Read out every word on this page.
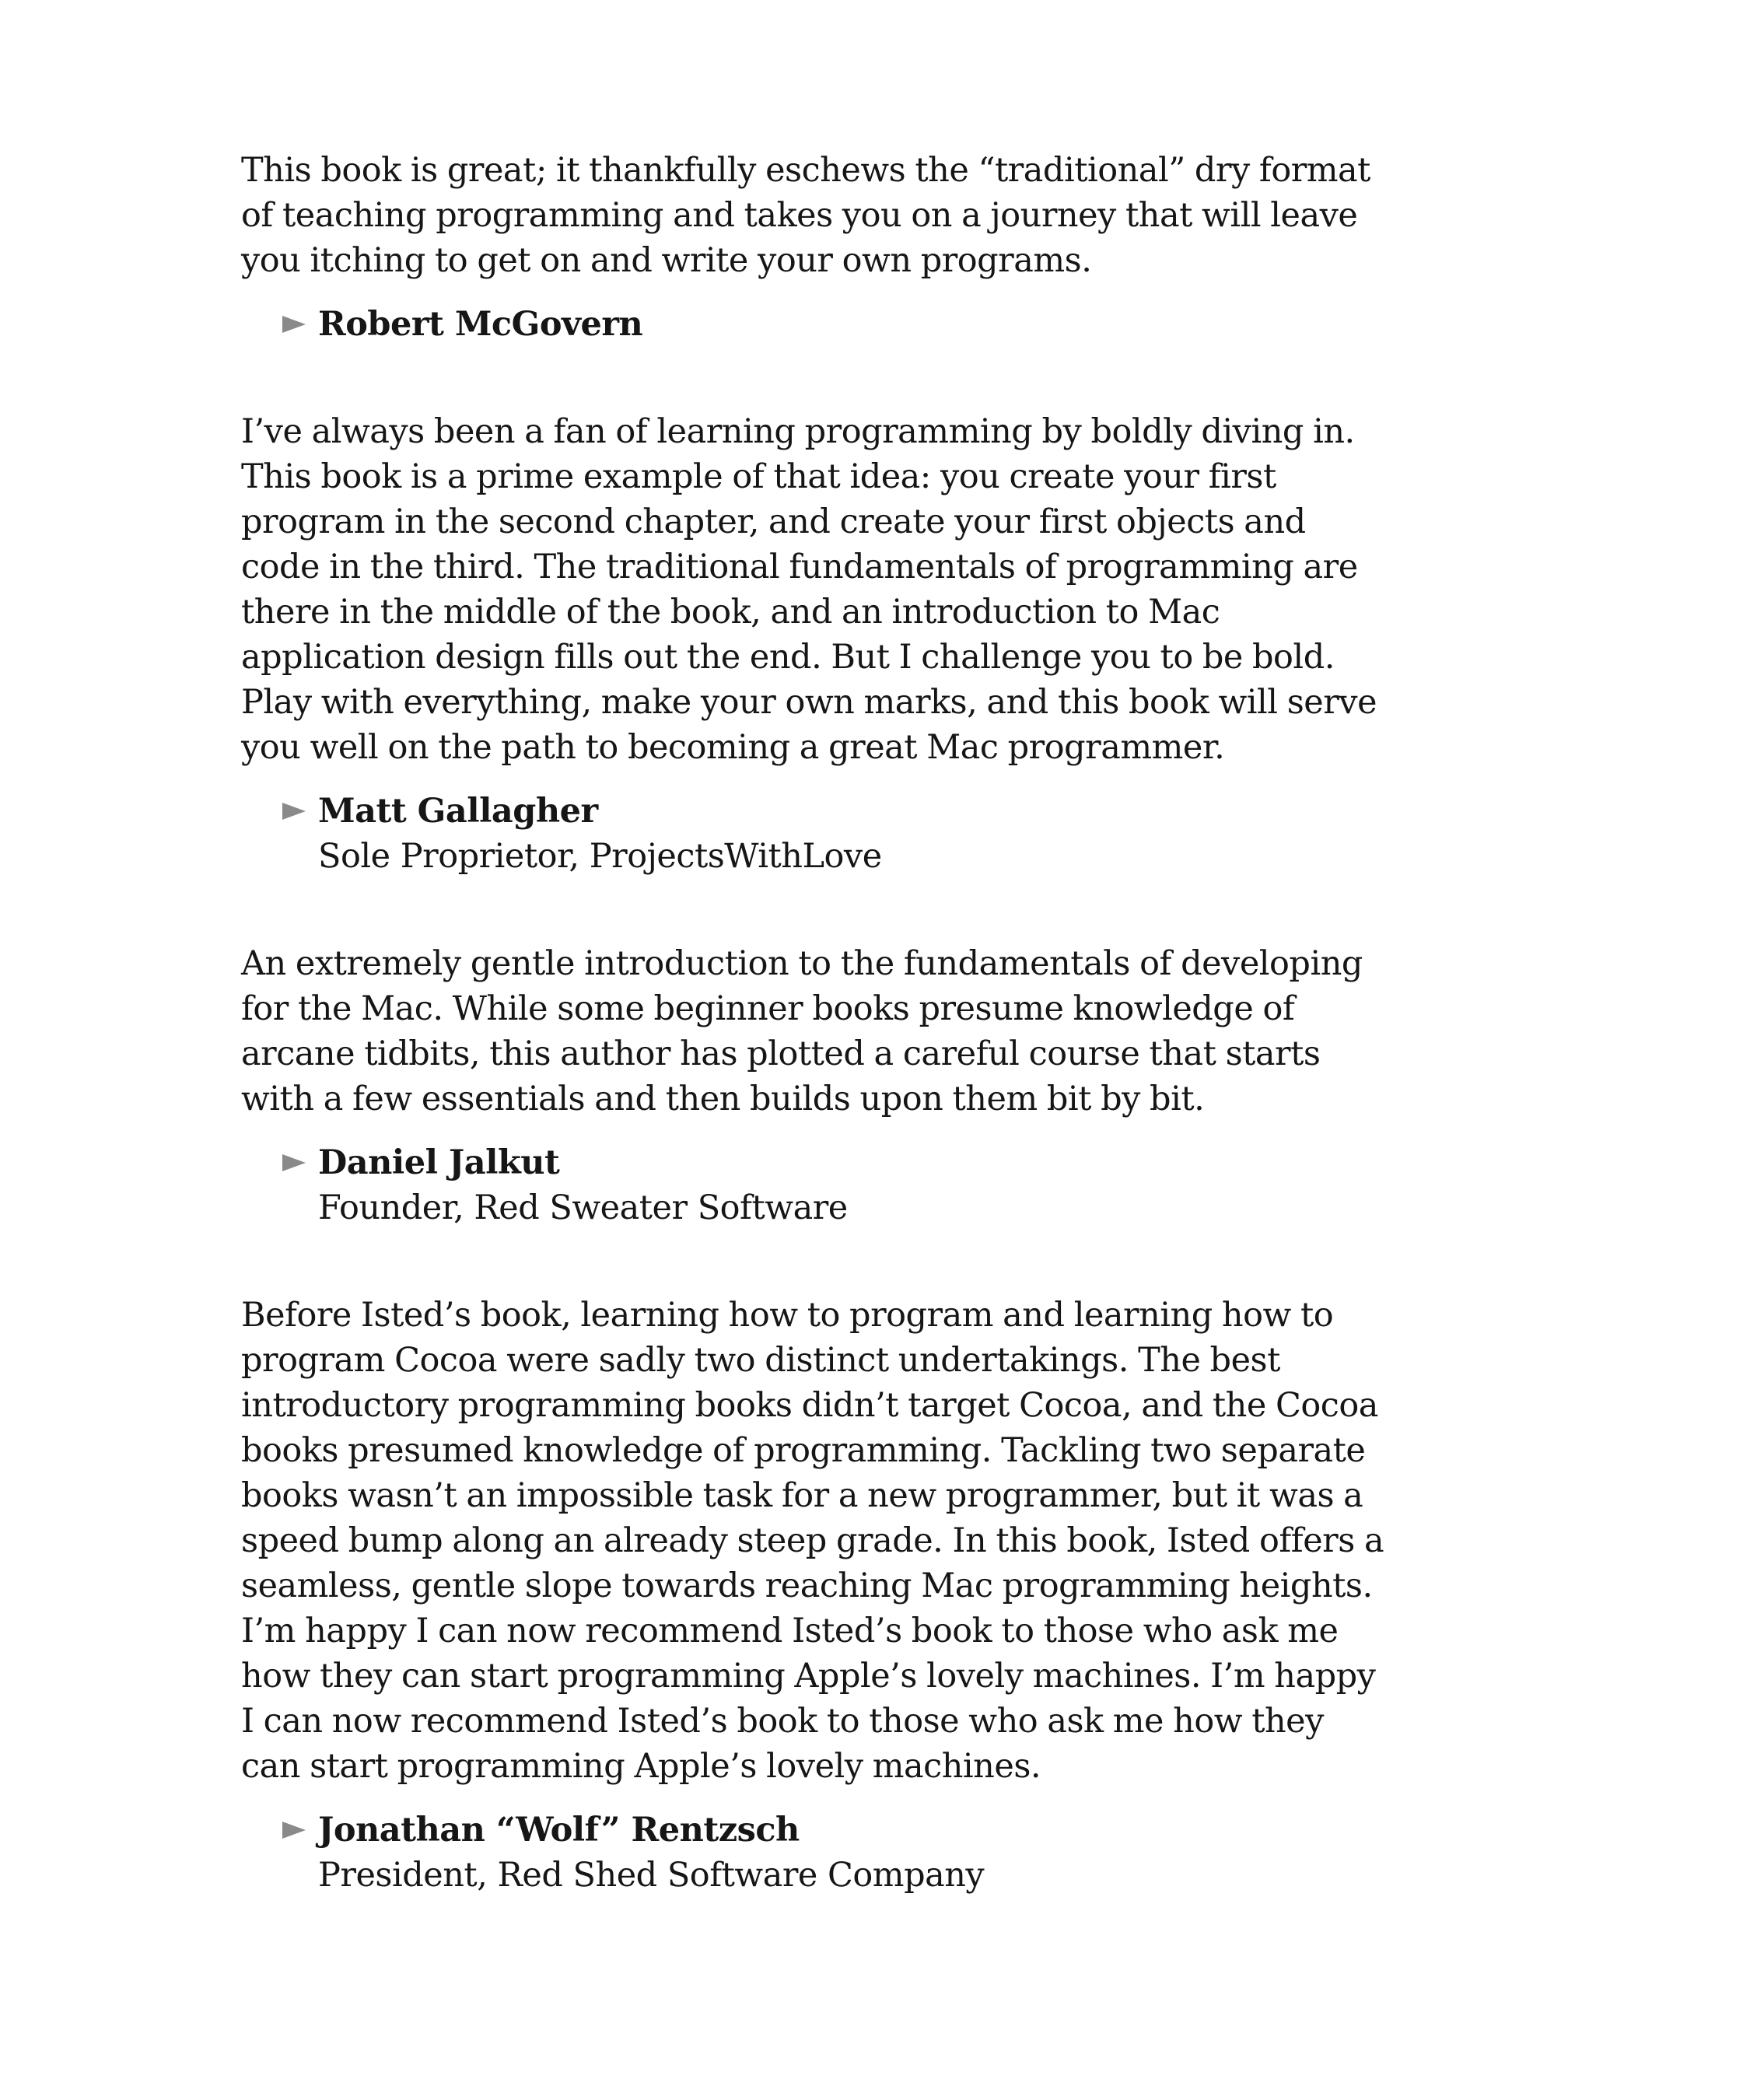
This book is great; it thankfully eschews the “traditional” dry format of teaching programming and takes you on a journey that will leave you itching to get on and write your own programs.

Robert McGovern

I’ve always been a fan of learning programming by boldly diving in. This book is a prime example of that idea: you create your first program in the second chapter, and create your first objects and code in the third. The traditional fundamentals of programming are there in the middle of the book, and an introduction to Mac application design fills out the end. But I challenge you to be bold. Play with everything, make your own marks, and this book will serve you well on the path to becoming a great Mac programmer.

Matt Gallagher
Sole Proprietor, ProjectsWithLove

An extremely gentle introduction to the fundamentals of developing for the Mac. While some beginner books presume knowledge of arcane tidbits, this author has plotted a careful course that starts with a few essentials and then builds upon them bit by bit.

Daniel Jalkut
Founder, Red Sweater Software

Before Isted’s book, learning how to program and learning how to program Cocoa were sadly two distinct undertakings. The best introductory programming books didn’t target Cocoa, and the Cocoa books presumed knowledge of programming. Tackling two separate books wasn’t an impossible task for a new programmer, but it was a speed bump along an already steep grade. In this book, Isted offers a seamless, gentle slope towards reaching Mac programming heights. I’m happy I can now recommend Isted’s book to those who ask me how they can start programming Apple’s lovely machines. I’m happy I can now recommend Isted’s book to those who ask me how they can start programming Apple’s lovely machines.

Jonathan “Wolf” Rentzsch
President, Red Shed Software Company
